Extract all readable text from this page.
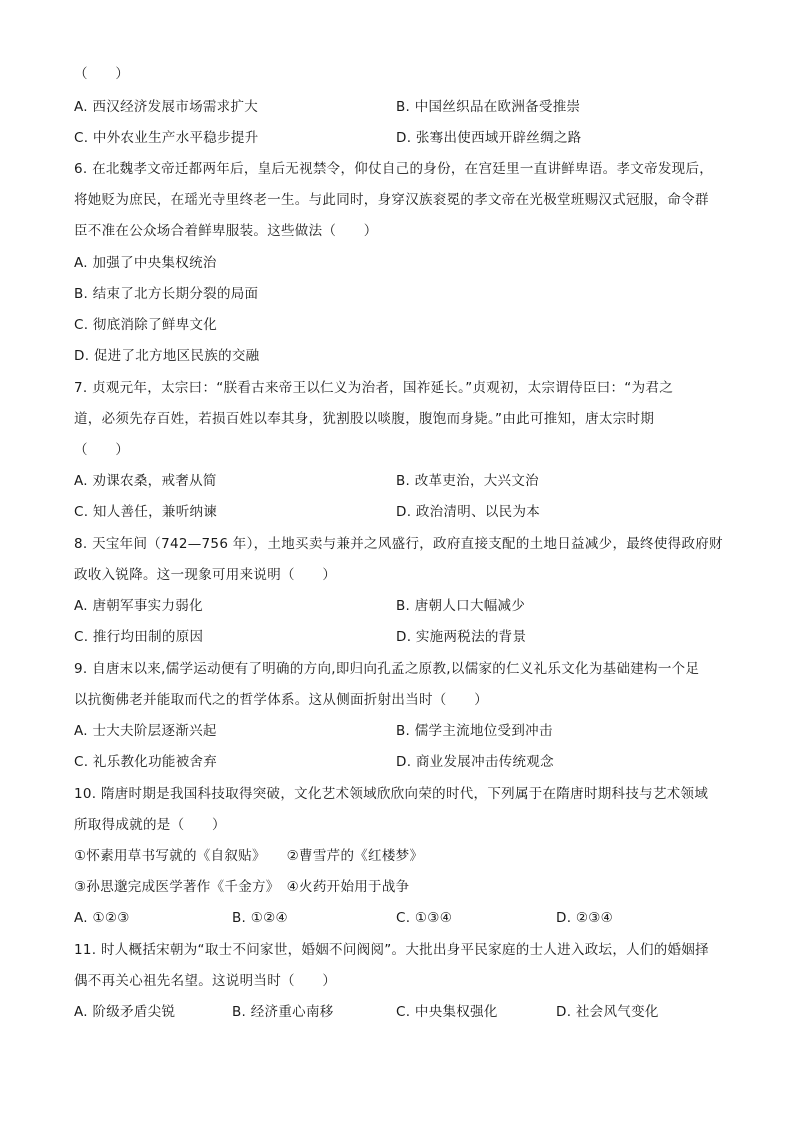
（　　）
A. 西汉经济发展市场需求扩大	B. 中国丝织品在欧洲备受推崇
C. 中外农业生产水平稳步提升	D. 张骞出使西域开辟丝绸之路
6. 在北魏孝文帝迁都两年后，皇后无视禁令，仰仗自己的身份，在宫廷里一直讲鲜卑语。孝文帝发现后，
将她贬为庶民，在瑶光寺里终老一生。与此同时，身穿汉族衮冕的孝文帝在光极堂班赐汉式冠服，命令群
臣不准在公众场合着鲜卑服装。这些做法（　　）
A. 加强了中央集权统治
B. 结束了北方长期分裂的局面
C. 彻底消除了鲜卑文化
D. 促进了北方地区民族的交融
7. 贞观元年，太宗曰：“朕看古来帝王以仁义为治者，国祚延长。”贞观初，太宗谓侍臣曰：“为君之
道，必须先存百姓，若损百姓以奉其身，犹割股以啖腹，腹饱而身毙。”由此可推知，唐太宗时期
（　　）
A. 劝课农桑，戒奢从简	B. 改革吏治，大兴文治
C. 知人善任，兼听纳谏	D. 政治清明、以民为本
8. 天宝年间（742—756 年），土地买卖与兼并之风盛行，政府直接支配的土地日益减少，最终使得政府财
政收入锐降。这一现象可用来说明（　　）
A. 唐朝军事实力弱化	B. 唐朝人口大幅减少
C. 推行均田制的原因	D. 实施两税法的背景
9. 自唐末以来,儒学运动便有了明确的方向,即归向孔孟之原教,以儒家的仁义礼乐文化为基础建构一个足
以抗衡佛老并能取而代之的哲学体系。这从侧面折射出当时（　　）
A. 士大夫阶层逐渐兴起	B. 儒学主流地位受到冲击
C. 礼乐教化功能被舍弃	D. 商业发展冲击传统观念
10. 隋唐时期是我国科技取得突破，文化艺术领域欣欣向荣的时代，下列属于在隋唐时期科技与艺术领域
所取得成就的是（　　）
①怀素用草书写就的《自叙贴》　　②曹雪芹的《红楼梦》
③孙思邈完成医学著作《千金方》　④火药开始用于战争
A. ①②③	B. ①②④	C. ①③④	D. ②③④
11. 时人概括宋朝为“取士不问家世，婚姻不问阀阅”。大批出身平民家庭的士人进入政坛，人们的婚姻择
偶不再关心祖先名望。这说明当时（　　）
A. 阶级矛盾尖锐	B. 经济重心南移	C. 中央集权强化	D. 社会风气变化
